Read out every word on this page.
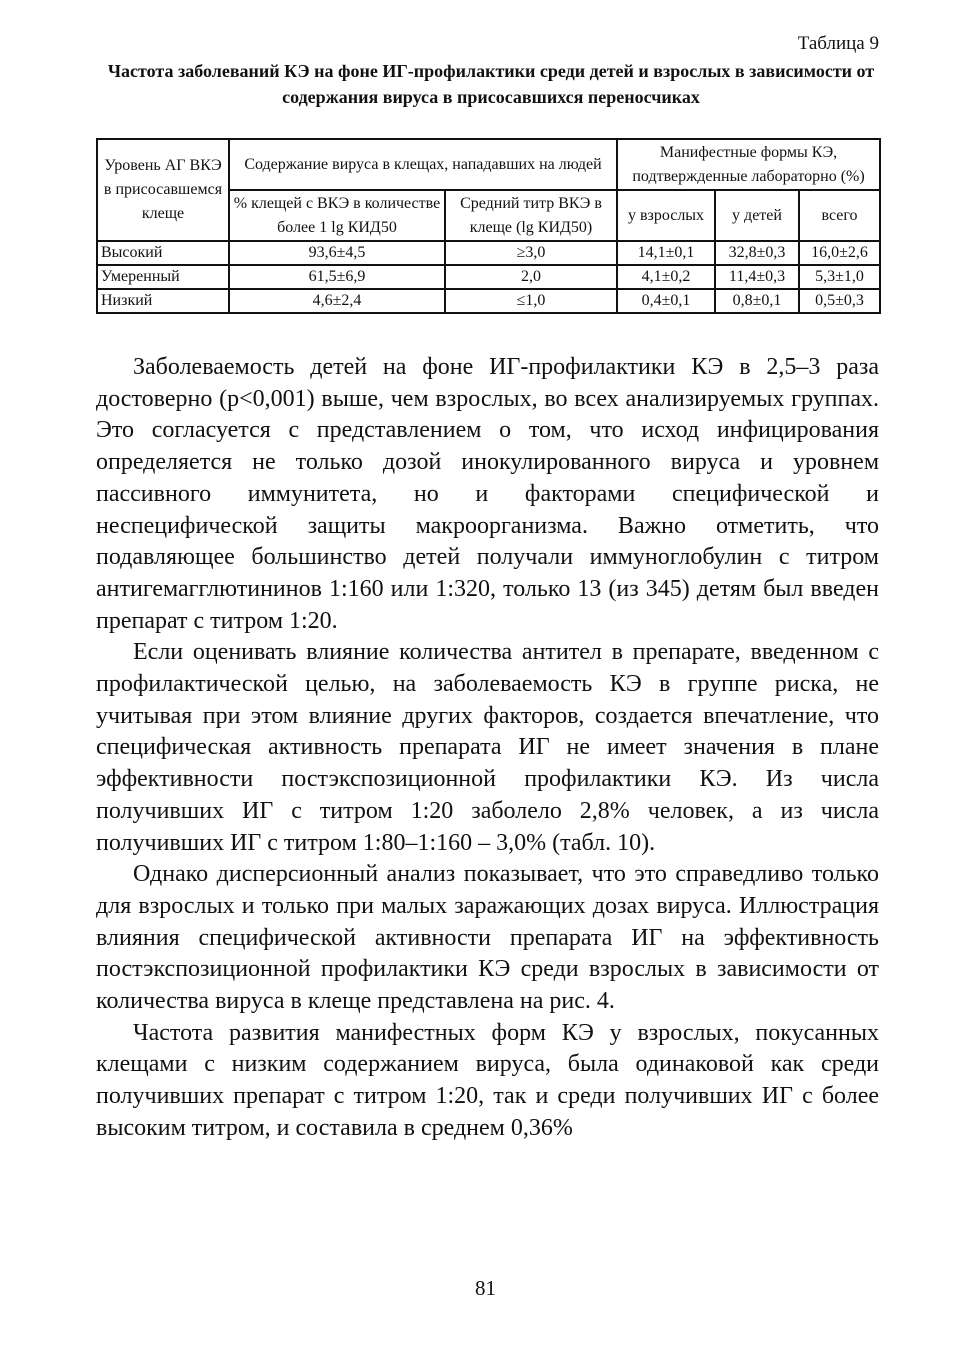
Таблица 9
Частота заболеваний КЭ на фоне ИГ-профилактики среди детей и взрослых в зависимости от содержания вируса в присосавшихся переносчиках
Уровень АГ ВКЭ в присосавшемся клеще	Содержание вируса в клещах, нападавших на людей		Манифестные формы КЭ, подтвержденные лабораторно (%)		
	% клещей с ВКЭ в количестве более 1 lg КИД50	Средний титр ВКЭ в клеще (lg КИД50)	у взрослых	у детей	всего
Высокий	93,6±4,5	≥3,0	14,1±0,1	32,8±0,3	16,0±2,6
Умеренный	61,5±6,9	2,0	4,1±0,2	11,4±0,3	5,3±1,0
Низкий	4,6±2,4	≤1,0	0,4±0,1	0,8±0,1	0,5±0,3

Заболеваемость детей на фоне ИГ-профилактики КЭ в 2,5–3 раза достоверно (p<0,001) выше, чем взрослых, во всех анализируемых группах. Это согласуется с представлением о том, что исход инфицирования определяется не только дозой инокулированного вируса и уровнем пассивного иммунитета, но и факторами специфической и неспецифической защиты макроорганизма. Важно отметить, что подавляющее большинство детей получали иммуноглобулин с титром антигемагглютининов 1:160 или 1:320, только 13 (из 345) детям был введен препарат с титром 1:20.

Если оценивать влияние количества антител в препарате, введенном с профилактической целью, на заболеваемость КЭ в группе риска, не учитывая при этом влияние других факторов, создается впечатление, что специфическая активность препарата ИГ не имеет значения в плане эффективности постэкспозиционной профилактики КЭ. Из числа получивших ИГ с титром 1:20 заболело 2,8% человек, а из числа получивших ИГ с титром 1:80–1:160 – 3,0% (табл. 10).

Однако дисперсионный анализ показывает, что это справедливо только для взрослых и только при малых заражающих дозах вируса. Иллюстрация влияния специфической активности препарата ИГ на эффективность постэкспозиционной профилактики КЭ среди взрослых в зависимости от количества вируса в клеще представлена на рис. 4.

Частота развития манифестных форм КЭ у взрослых, покусанных клещами с низким содержанием вируса, была одинаковой как среди получивших препарат с титром 1:20, так и среди получивших ИГ с более высоким титром, и составила в среднем 0,36%

81
